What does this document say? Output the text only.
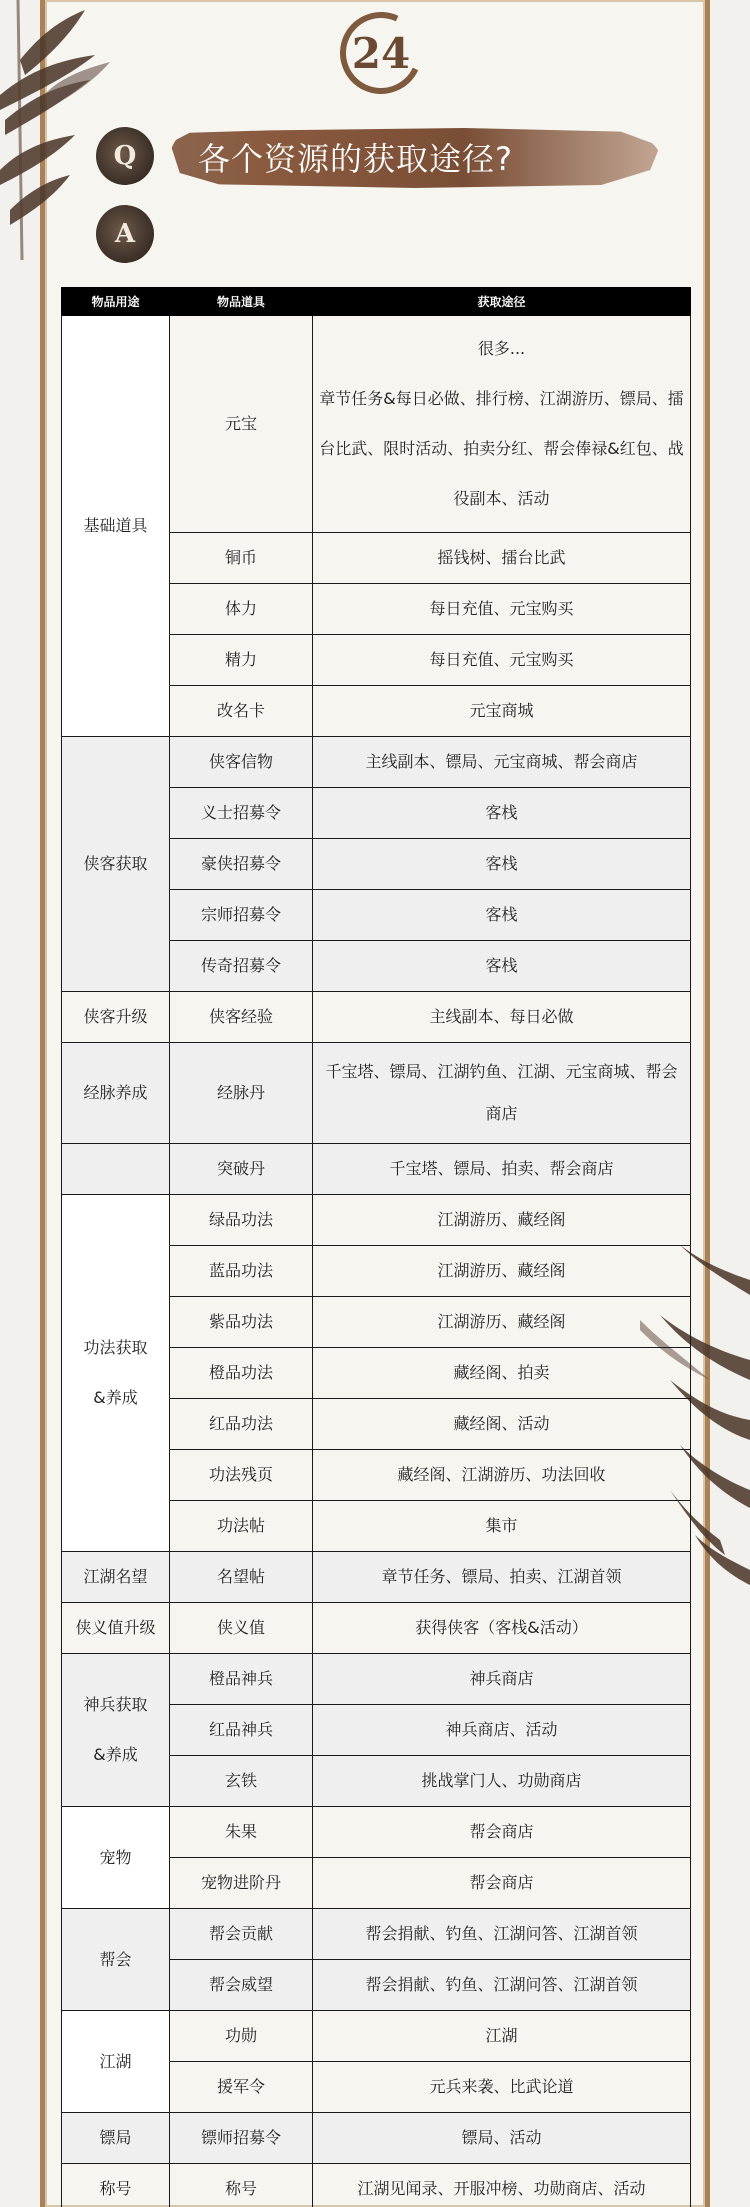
24
Q 各个资源的获取途径?
A
物品用途	物品道具	获取途径
基础道具	元宝	很多...
章节任务&每日必做、排行榜、江湖游历、镖局、擂台比武、限时活动、拍卖分红、帮会俸禄&红包、战役副本、活动
	铜币	摇钱树、擂台比武
	体力	每日充值、元宝购买
	精力	每日充值、元宝购买
	改名卡	元宝商城
侠客获取	侠客信物	主线副本、镖局、元宝商城、帮会商店
	义士招募令	客栈
	豪侠招募令	客栈
	宗师招募令	客栈
	传奇招募令	客栈
侠客升级	侠客经验	主线副本、每日必做
经脉养成	经脉丹	千宝塔、镖局、江湖钓鱼、江湖、元宝商城、帮会商店
	突破丹	千宝塔、镖局、拍卖、帮会商店
功法获取&养成	绿品功法	江湖游历、藏经阁
	蓝品功法	江湖游历、藏经阁
	紫品功法	江湖游历、藏经阁
	橙品功法	藏经阁、拍卖
	红品功法	藏经阁、活动
	功法残页	藏经阁、江湖游历、功法回收
	功法帖	集市
江湖名望	名望帖	章节任务、镖局、拍卖、江湖首领
侠义值升级	侠义值	获得侠客（客栈&活动）
神兵获取&养成	橙品神兵	神兵商店
	红品神兵	神兵商店、活动
	玄铁	挑战掌门人、功勋商店
宠物	朱果	帮会商店
	宠物进阶丹	帮会商店
帮会	帮会贡献	帮会捐献、钓鱼、江湖问答、江湖首领
	帮会威望	帮会捐献、钓鱼、江湖问答、江湖首领
江湖	功勋	江湖
	援军令	元兵来袭、比武论道
镖局	镖师招募令	镖局、活动
称号	称号	江湖见闻录、开服冲榜、功勋商店、活动
